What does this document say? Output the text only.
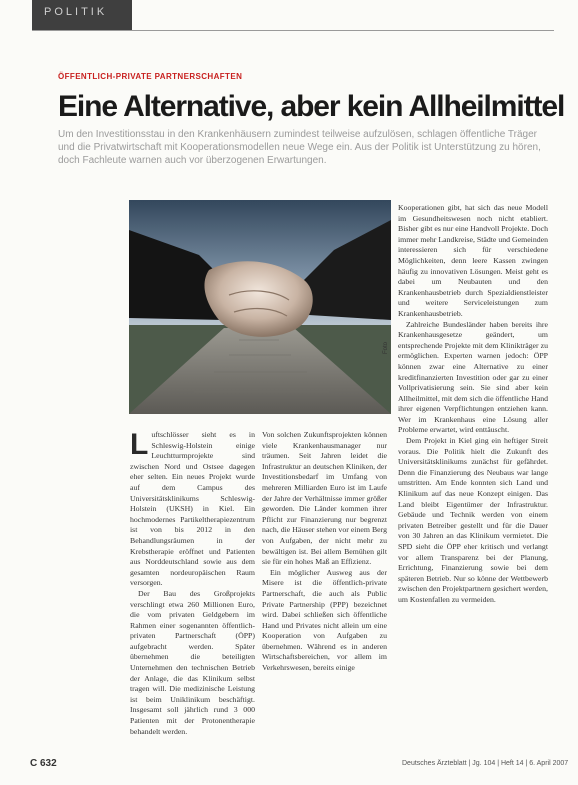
POLITIK
ÖFFENTLICH-PRIVATE PARTNERSCHAFTEN
Eine Alternative, aber kein Allheilmittel
Um den Investitionsstau in den Krankenhäusern zumindest teilweise aufzulösen, schlagen öffentliche Träger und die Privatwirtschaft mit Kooperationsmodellen neue Wege ein. Aus der Politik ist Unterstützung zu hören, doch Fachleute warnen auch vor überzogenen Erwartungen.
Foto

Luftschlösser sieht es in Schleswig-Holstein einige Leuchtturmprojekte sind zwischen Nord und Ostsee dagegen eher selten. Ein neues Projekt wurde auf dem Campus des Universitätsklinikums Schleswig-Holstein (UKSH) in Kiel. Ein hochmodernes Partikeltherapiezentrum ist von bis 2012 in den Behandlungsräumen in der Krebstherapie eröffnet und Patienten aus Norddeutschland sowie aus dem gesamten nordeuropäischen Raum versorgen.

Der Bau des Großprojekts verschlingt etwa 260 Millionen Euro, die vom privaten Geldgebern im Rahmen einer sogenannten öffentlich-privaten Partnerschaft (ÖPP) aufgebracht werden. Später übernehmen die beteiligten Unternehmen den technischen Betrieb der Anlage, die das Klinikum selbst tragen will. Die medizinische Leistung ist beim Uniklinikum beschäftigt. Insgesamt soll jährlich rund 3 000 Patienten mit der Protonentherapie behandelt werden.

Von solchen Zukunftsprojekten können viele Krankenhausmanager nur träumen. Seit Jahren leidet die Infrastruktur an deutschen Kliniken, der Investitionsbedarf im Umfang von mehreren Milliarden Euro ist im Laufe der Jahre der Verhältnisse immer größer geworden. Die Länder kommen ihrer Pflicht zur Finanzierung nur begrenzt nach, die Häuser stehen vor einem Berg von Aufgaben, der nicht mehr zu bewältigen ist. Bei allem Bemühen gilt sie für ein hohes Maß an Effizienz.

Ein möglicher Ausweg aus der Misere ist die öffentlich-private Partnerschaft, die auch als Public Private Partnership (PPP) bezeichnet wird. Dabei schließen sich öffentliche Hand und Privates nicht allein um eine Kooperation von Aufgaben zu übernehmen. Während es in anderen Wirtschaftsbereichen, vor allem im Verkehrswesen, bereits einige

Kooperationen gibt, hat sich das neue Modell im Gesundheitswesen noch nicht etabliert. Bisher gibt es nur eine Handvoll Projekte. Doch immer mehr Landkreise, Städte und Gemeinden interessieren sich für verschiedene Möglichkeiten, denn leere Kassen zwingen häufig zu innovativen Lösungen. Meist geht es dabei um Neubauten und den Krankenhausbetrieb durch Spezialdienstleister und weitere Serviceleistungen zum Krankenhausbetrieb.

Zahlreiche Bundesländer haben bereits ihre Krankenhausgesetze geändert, um entsprechende Projekte mit dem Klinikträger zu ermöglichen. Experten warnen jedoch: ÖPP können zwar eine Alternative zu einer kreditfinanzierten Investition oder gar zu einer Vollprivatisierung sein. Sie sind aber kein Allheilmittel, mit dem sich die öffentliche Hand ihrer eigenen Verpflichtungen entziehen kann. Wer im Krankenhaus eine Lösung aller Probleme erwartet, wird enttäuscht.

Dem Projekt in Kiel ging ein heftiger Streit voraus. Die Politik hielt die Zukunft des Universitätsklinikums zunächst für gefährdet. Denn die Finanzierung des Neubaus war lange umstritten. Am Ende konnten sich Land und Klinikum auf das neue Konzept einigen. Das Land bleibt Eigentümer der Infrastruktur. Gebäude und Technik werden von einem privaten Betreiber gestellt und für die Dauer von 30 Jahren an das Klinikum vermietet. Die SPD sieht die ÖPP eher kritisch und verlangt vor allem Transparenz bei der Planung, Errichtung, Finanzierung sowie bei dem späteren Betrieb. Nur so könne der Wettbewerb zwischen den Projektpartnern gesichert werden, um Kostenfallen zu vermeiden.

C 632	Deutsches Ärzteblatt | Jg. 104 | Heft 14 | 6. April 2007
